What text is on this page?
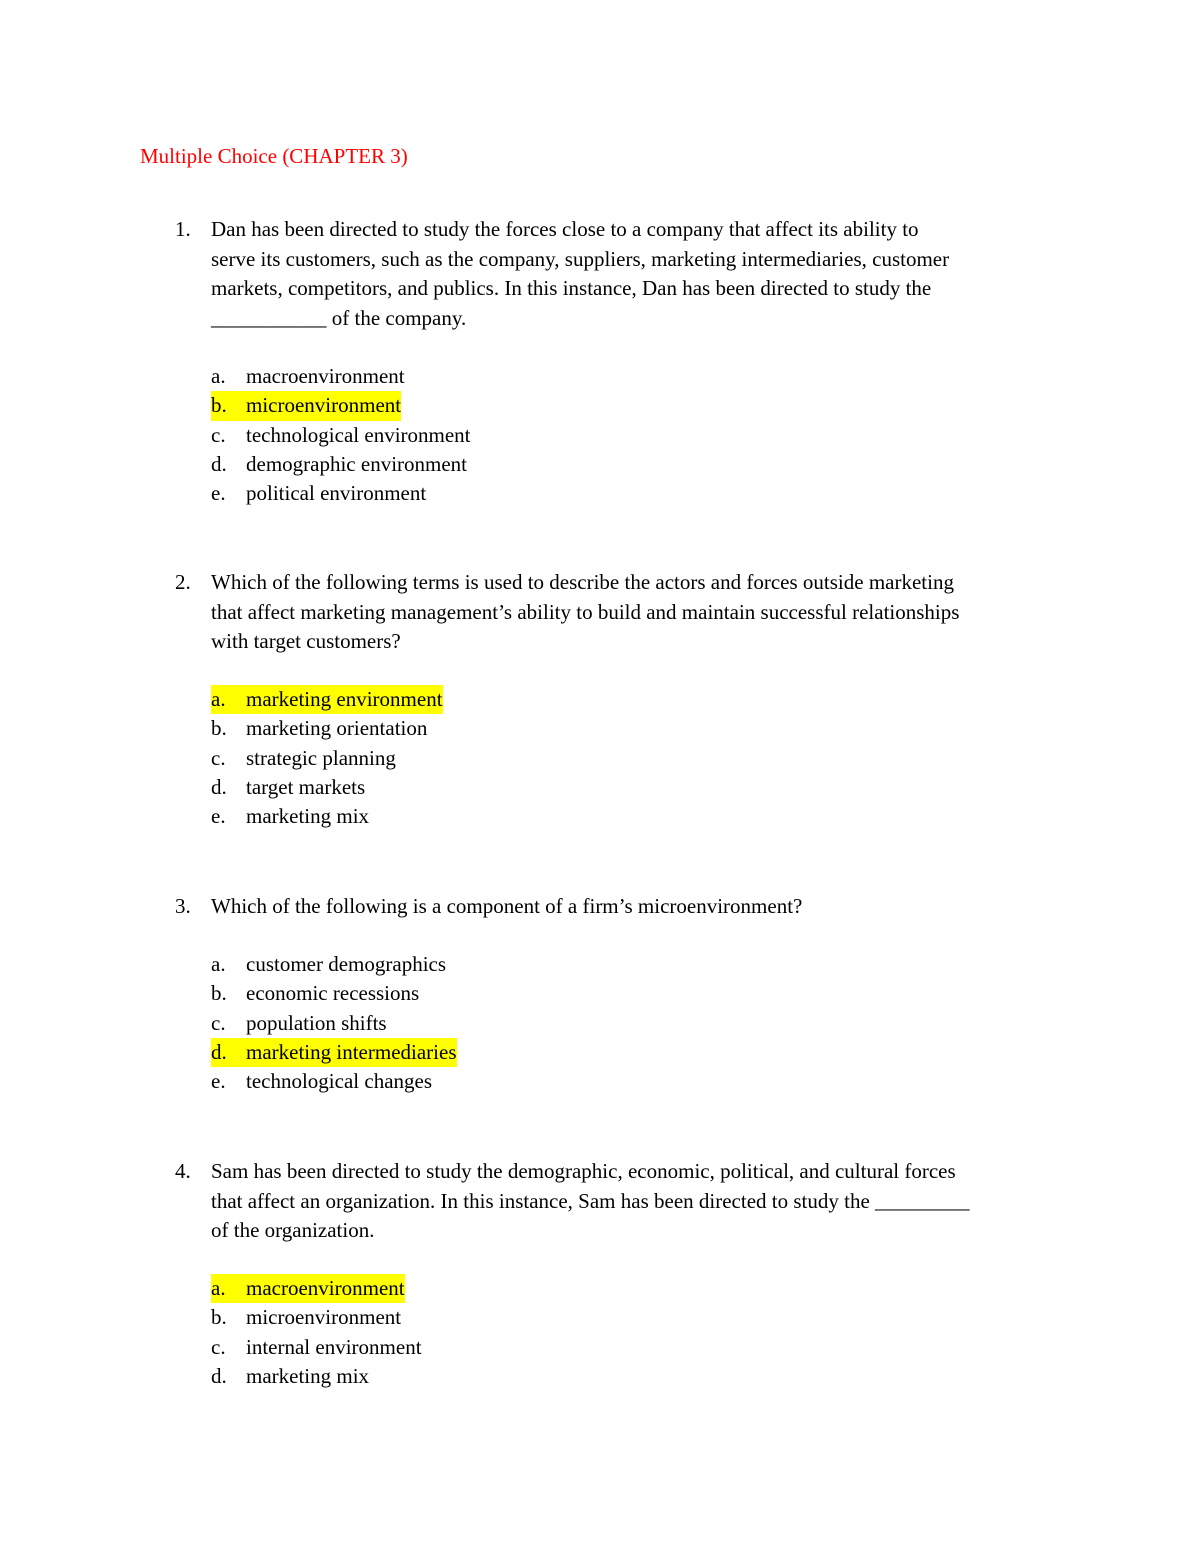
Multiple Choice (CHAPTER 3)
1. Dan has been directed to study the forces close to a company that affect its ability to
serve its customers, such as the company, suppliers, marketing intermediaries, customer
markets, competitors, and publics. In this instance, Dan has been directed to study the
___________ of the company.
a. macroenvironment
b. microenvironment
c. technological environment
d. demographic environment
e. political environment
2. Which of the following terms is used to describe the actors and forces outside marketing
that affect marketing management’s ability to build and maintain successful relationships
with target customers?
a. marketing environment
b. marketing orientation
c. strategic planning
d. target markets
e. marketing mix
3. Which of the following is a component of a firm’s microenvironment?
a. customer demographics
b. economic recessions
c. population shifts
d. marketing intermediaries
e. technological changes
4. Sam has been directed to study the demographic, economic, political, and cultural forces
that affect an organization. In this instance, Sam has been directed to study the _________
of the organization.
a. macroenvironment
b. microenvironment
c. internal environment
d. marketing mix
